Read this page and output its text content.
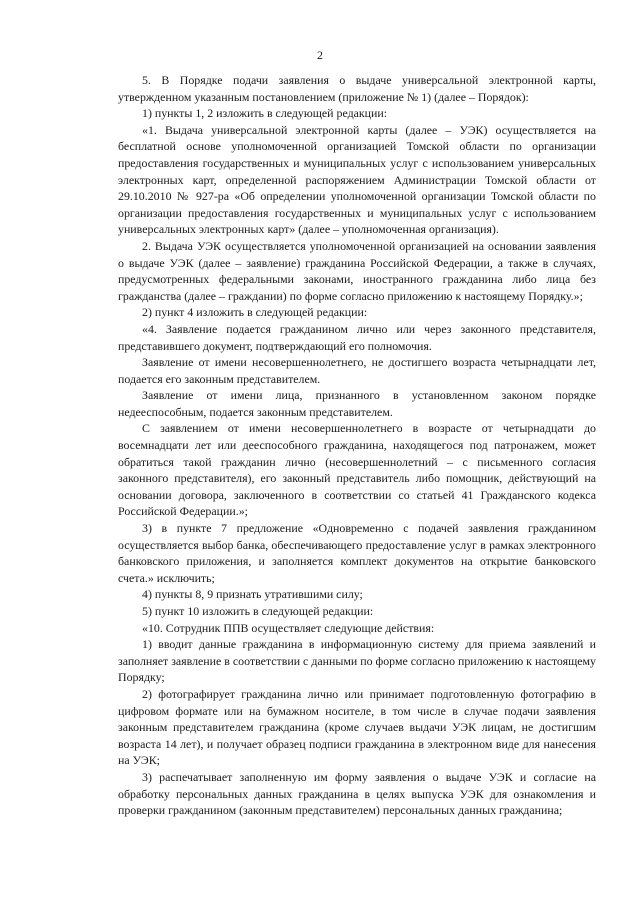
2

5. В Порядке подачи заявления о выдаче универсальной электронной карты, утвержденном указанным постановлением (приложение № 1) (далее – Порядок):

1) пункты 1, 2 изложить в следующей редакции:

«1. Выдача универсальной электронной карты (далее – УЭК) осуществляется на бесплатной основе уполномоченной организацией Томской области по организации предоставления государственных и муниципальных услуг с использованием универсальных электронных карт, определенной распоряжением Администрации Томской области от 29.10.2010 № 927-ра «Об определении уполномоченной организации Томской области по организации предоставления государственных и муниципальных услуг с использованием универсальных электронных карт» (далее – уполномоченная организация).

2. Выдача УЭК осуществляется уполномоченной организацией на основании заявления о выдаче УЭК (далее – заявление) гражданина Российской Федерации, а также в случаях, предусмотренных федеральными законами, иностранного гражданина либо лица без гражданства (далее – граждании) по форме согласно приложению к настоящему Порядку.»;

2) пункт 4 изложить в следующей редакции:

«4. Заявление подается гражданином лично или через законного представителя, представившего документ, подтверждающий его полномочия.

Заявление от имени несовершеннолетнего, не достигшего возраста четырнадцати лет, подается его законным представителем.

Заявление от имени лица, признанного в установленном законом порядке недееспособным, подается законным представителем.

С заявлением от имени несовершеннолетнего в возрасте от четырнадцати до восемнадцати лет или дееспособного гражданина, находящегося под патронажем, может обратиться такой гражданин лично (несовершеннолетний – с письменного согласия законного представителя), его законный представитель либо помощник, действующий на основании договора, заключенного в соответствии со статьей 41 Гражданского кодекса Российской Федерации.»;

3) в пункте 7 предложение «Одновременно с подачей заявления гражданином осуществляется выбор банка, обеспечивающего предоставление услуг в рамках электронного банковского приложения, и заполняется комплект документов на открытие банковского счета.» исключить;

4) пункты 8, 9 признать утратившими силу;

5) пункт 10 изложить в следующей редакции:

«10. Сотрудник ППВ осуществляет следующие действия:

1) вводит данные гражданина в информационную систему для приема заявлений и заполняет заявление в соответствии с данными по форме согласно приложению к настоящему Порядку;

2) фотографирует гражданина лично или принимает подготовленную фотографию в цифровом формате или на бумажном носителе, в том числе в случае подачи заявления законным представителем гражданина (кроме случаев выдачи УЭК лицам, не достигшим возраста 14 лет), и получает образец подписи гражданина в электронном виде для нанесения на УЭК;

3) распечатывает заполненную им форму заявления о выдаче УЭК и согласие на обработку персональных данных гражданина в целях выпуска УЭК для ознакомления и проверки гражданином (законным представителем) персональных данных гражданина;
